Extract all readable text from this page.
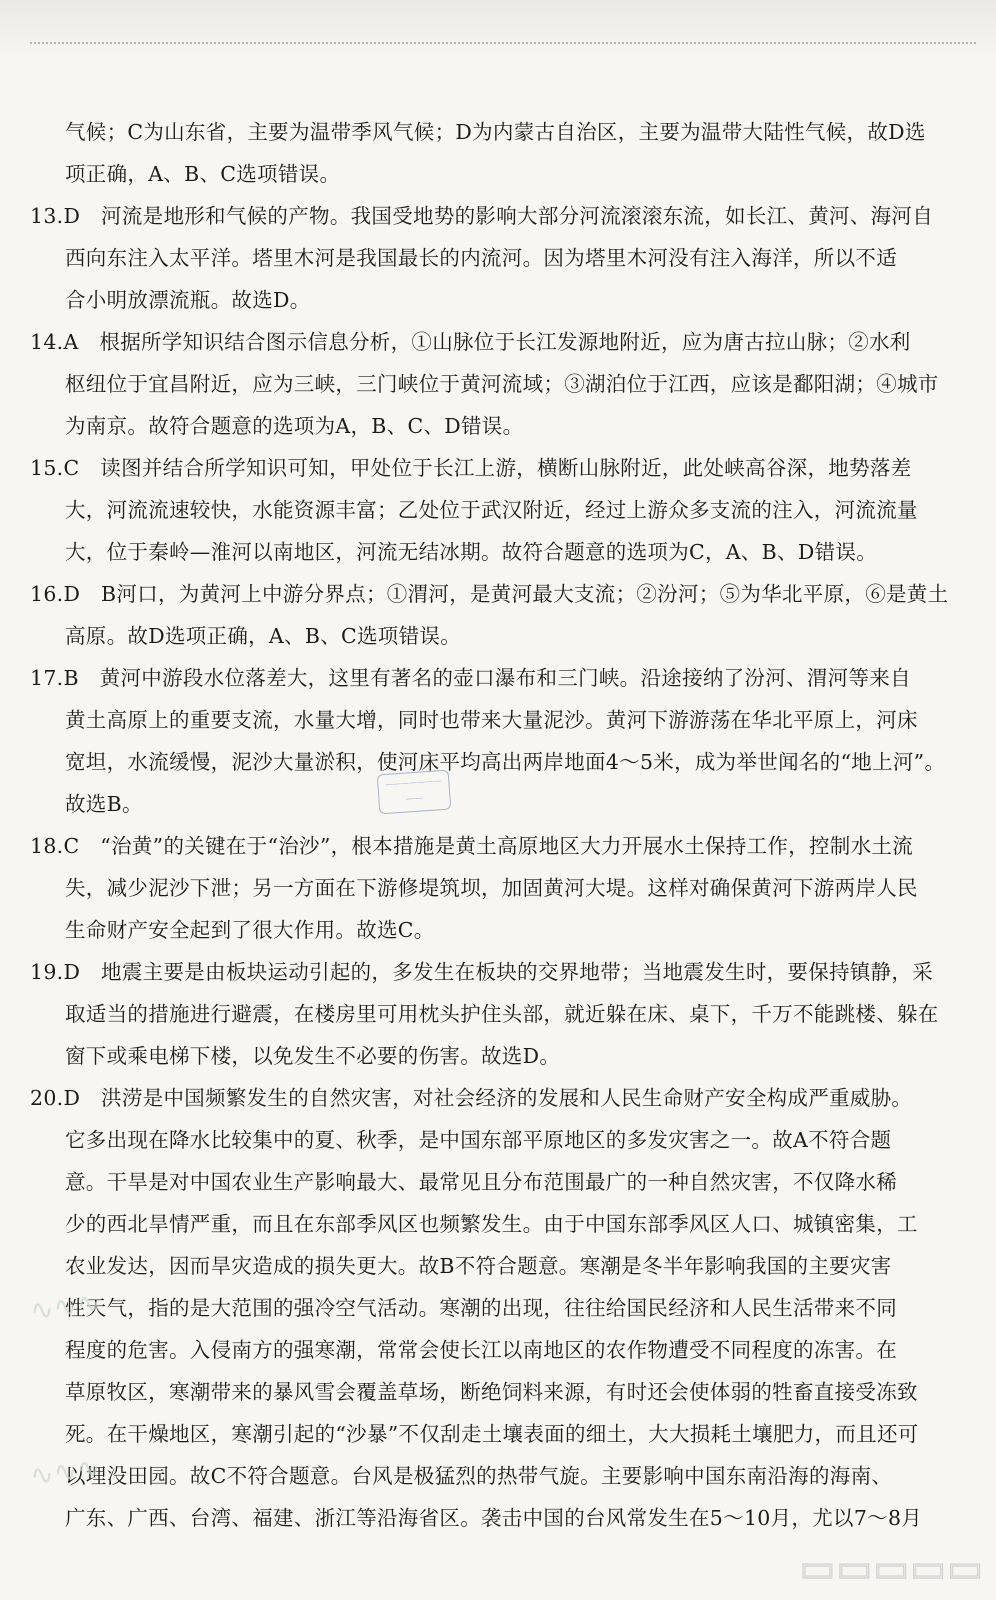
气候；C为山东省，主要为温带季风气候；D为内蒙古自治区，主要为温带大陆性气候，故D选
项正确，A、B、C选项错误。
13.D　河流是地形和气候的产物。我国受地势的影响大部分河流滚滚东流，如长江、黄河、海河自
西向东注入太平洋。塔里木河是我国最长的内流河。因为塔里木河没有注入海洋，所以不适
合小明放漂流瓶。故选D。
14.A　根据所学知识结合图示信息分析，①山脉位于长江发源地附近，应为唐古拉山脉；②水利
枢纽位于宜昌附近，应为三峡，三门峡位于黄河流域；③湖泊位于江西，应该是鄱阳湖；④城市
为南京。故符合题意的选项为A，B、C、D错误。
15.C　读图并结合所学知识可知，甲处位于长江上游，横断山脉附近，此处峡高谷深，地势落差
大，河流流速较快，水能资源丰富；乙处位于武汉附近，经过上游众多支流的注入，河流流量
大，位于秦岭—淮河以南地区，河流无结冰期。故符合题意的选项为C，A、B、D错误。
16.D　B河口，为黄河上中游分界点；①渭河，是黄河最大支流；②汾河；⑤为华北平原，⑥是黄土
高原。故D选项正确，A、B、C选项错误。
17.B　黄河中游段水位落差大，这里有著名的壶口瀑布和三门峡。沿途接纳了汾河、渭河等来自
黄土高原上的重要支流，水量大增，同时也带来大量泥沙。黄河下游游荡在华北平原上，河床
宽坦，水流缓慢，泥沙大量淤积，使河床平均高出两岸地面4～5米，成为举世闻名的“地上河”。
故选B。
18.C　“治黄”的关键在于“治沙”，根本措施是黄土高原地区大力开展水土保持工作，控制水土流
失，减少泥沙下泄；另一方面在下游修堤筑坝，加固黄河大堤。这样对确保黄河下游两岸人民
生命财产安全起到了很大作用。故选C。
19.D　地震主要是由板块运动引起的，多发生在板块的交界地带；当地震发生时，要保持镇静，采
取适当的措施进行避震，在楼房里可用枕头护住头部，就近躲在床、桌下，千万不能跳楼、躲在
窗下或乘电梯下楼，以免发生不必要的伤害。故选D。
20.D　洪涝是中国频繁发生的自然灾害，对社会经济的发展和人民生命财产安全构成严重威胁。
它多出现在降水比较集中的夏、秋季，是中国东部平原地区的多发灾害之一。故A不符合题
意。干旱是对中国农业生产影响最大、最常见且分布范围最广的一种自然灾害，不仅降水稀
少的西北旱情严重，而且在东部季风区也频繁发生。由于中国东部季风区人口、城镇密集，工
农业发达，因而旱灾造成的损失更大。故B不符合题意。寒潮是冬半年影响我国的主要灾害
性天气，指的是大范围的强冷空气活动。寒潮的出现，往往给国民经济和人民生活带来不同
程度的危害。入侵南方的强寒潮，常常会使长江以南地区的农作物遭受不同程度的冻害。在
草原牧区，寒潮带来的暴风雪会覆盖草场，断绝饲料来源，有时还会使体弱的牲畜直接受冻致
死。在干燥地区，寒潮引起的“沙暴”不仅刮走土壤表面的细土，大大损耗土壤肥力，而且还可
以埋没田园。故C不符合题意。台风是极猛烈的热带气旋。主要影响中国东南沿海的海南、
广东、广西、台湾、福建、浙江等沿海省区。袭击中国的台风常发生在5～10月，尤以7～8月
———————
——
∿∿∿
∿∿∿
▭▭▭▭▭
